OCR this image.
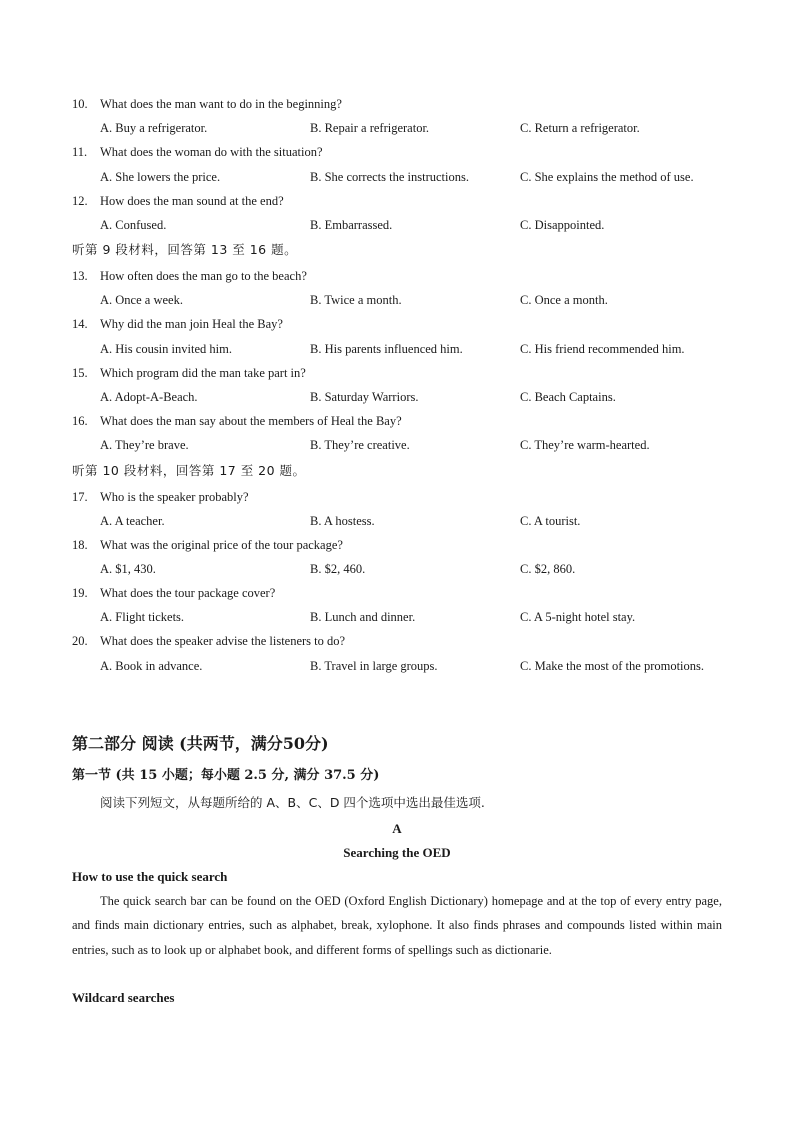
10. What does the man want to do in the beginning?
A. Buy a refrigerator.	B. Repair a refrigerator.	C. Return a refrigerator.
11. What does the woman do with the situation?
A. She lowers the price.	B. She corrects the instructions.	C. She explains the method of use.
12. How does the man sound at the end?
A. Confused.	B. Embarrassed.	C. Disappointed.
听第 9 段材料，回答第 13 至 16 题。
13. How often does the man go to the beach?
A. Once a week.	B. Twice a month.	C. Once a month.
14. Why did the man join Heal the Bay?
A. His cousin invited him.	B. His parents influenced him.	C. His friend recommended him.
15. Which program did the man take part in?
A. Adopt-A-Beach.	B. Saturday Warriors.	C. Beach Captains.
16. What does the man say about the members of Heal the Bay?
A. They’re brave.	B. They’re creative.	C. They’re warm-hearted.
听第 10 段材料，回答第 17 至 20 题。
17. Who is the speaker probably?
A. A teacher.	B. A hostess.	C. A tourist.
18. What was the original price of the tour package?
A. $1, 430.	B. $2, 460.	C. $2, 860.
19. What does the tour package cover?
A. Flight tickets.	B. Lunch and dinner.	C. A 5-night hotel stay.
20. What does the speaker advise the listeners to do?
A. Book in advance.	B. Travel in large groups.	C. Make the most of the promotions.
第二部分 阅读 (共两节，满分50分)
第一节 (共 15 小题；每小题 2.5 分, 满分 37.5 分)
阅读下列短文，从每题所给的 A、B、C、D 四个选项中选出最佳选项.
A
Searching the OED
How to use the quick search
The quick search bar can be found on the OED (Oxford English Dictionary) homepage and at the top of every entry page, and finds main dictionary entries, such as alphabet, break, xylophone. It also finds phrases and compounds listed within main entries, such as to look up or alphabet book, and different forms of spellings such as dictionarie.
Wildcard searches
